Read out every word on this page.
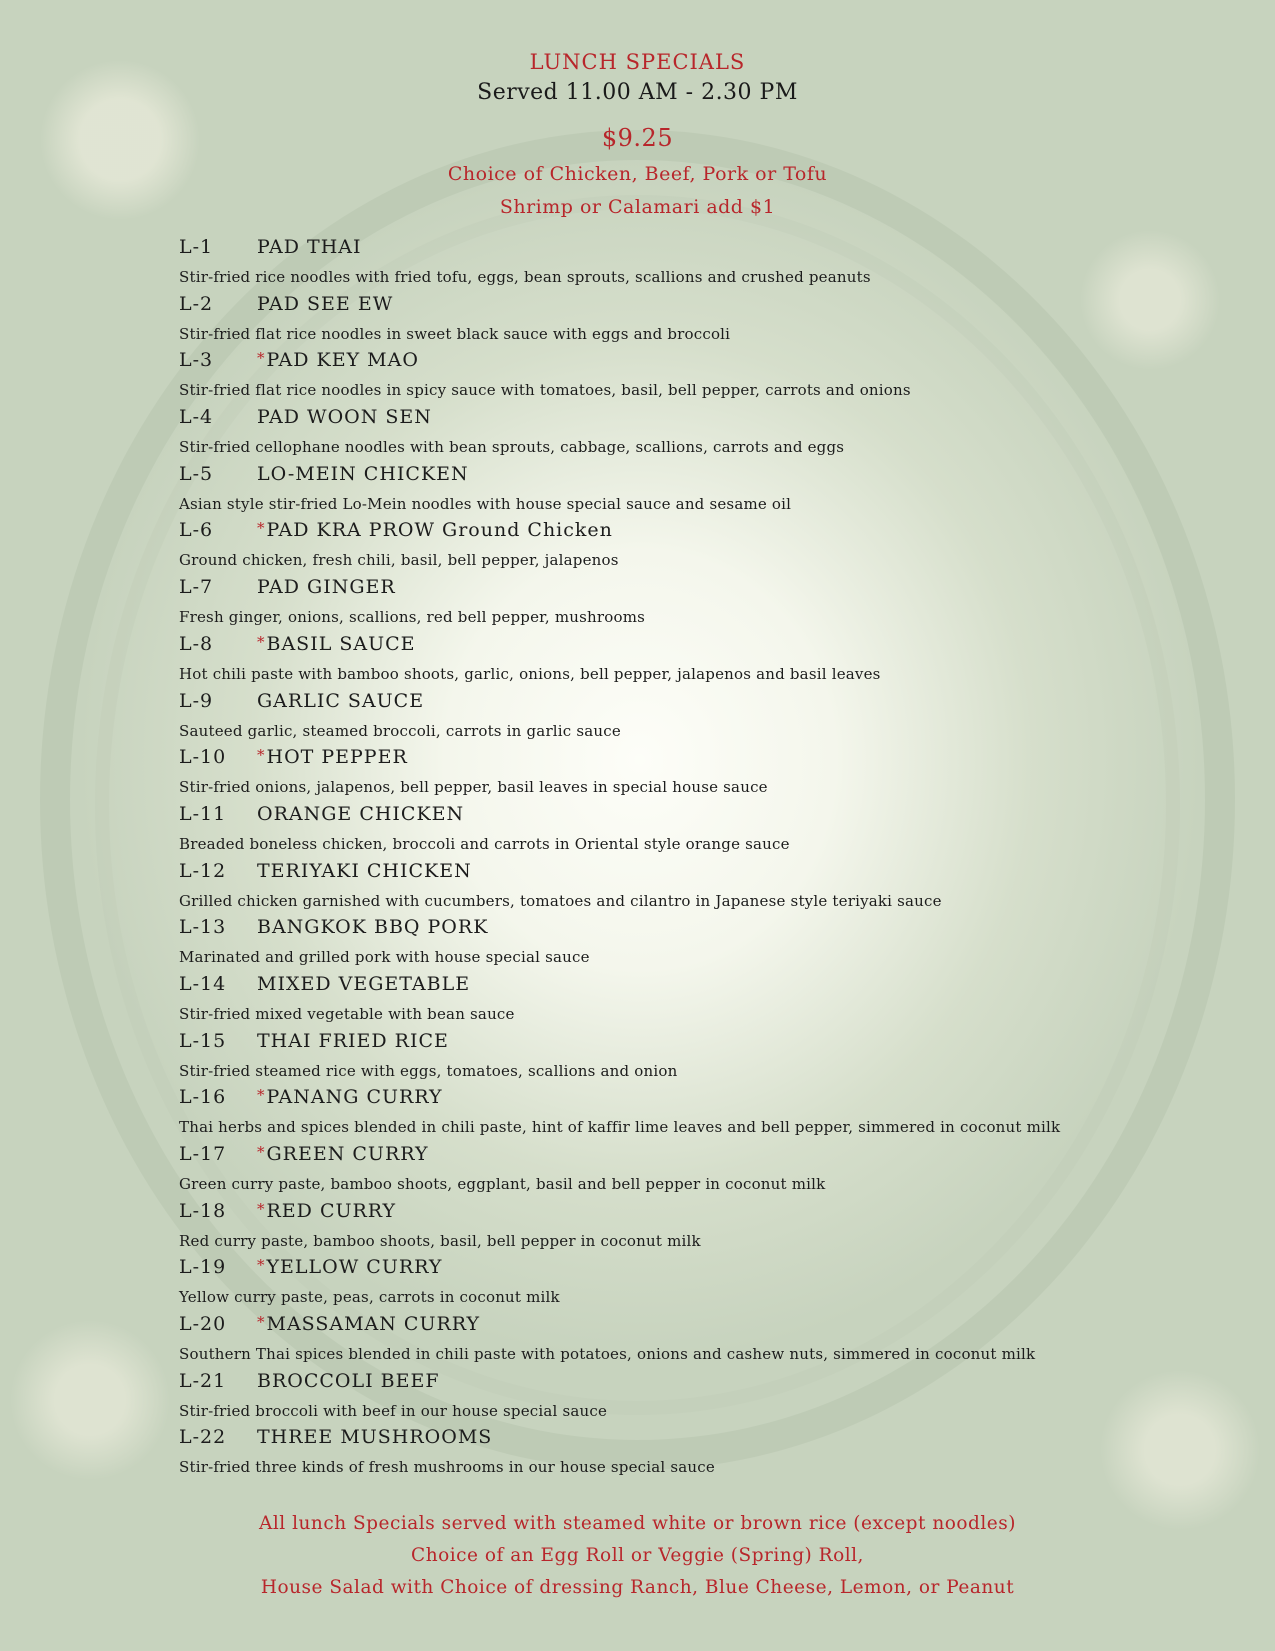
LUNCH SPECIALS
Served 11.00 AM - 2.30 PM
$9.25
Choice of Chicken, Beef, Pork or Tofu
Shrimp or Calamari add $1
L-1 PAD THAI
Stir-fried rice noodles with fried tofu, eggs, bean sprouts, scallions and crushed peanuts
L-2 PAD SEE EW
Stir-fried flat rice noodles in sweet black sauce with eggs and broccoli
L-3	*PAD KEY MAO
Stir-fried flat rice noodles in spicy sauce with tomatoes, basil, bell pepper, carrots and onions
L-4 PAD WOON SEN
Stir-fried cellophane noodles with bean sprouts, cabbage, scallions, carrots and eggs
L-5 LO-MEIN CHICKEN
Asian style stir-fried Lo-Mein noodles with house special sauce and sesame oil
L-6	*PAD KRA PROW Ground Chicken
Ground chicken, fresh chili, basil, bell pepper, jalapenos
L-7 PAD GINGER
Fresh ginger, onions, scallions, red bell pepper, mushrooms
L-8	*BASIL SAUCE
Hot chili paste with bamboo shoots, garlic, onions, bell pepper, jalapenos and basil leaves
L-9 GARLIC SAUCE
Sauteed garlic, steamed broccoli, carrots in garlic sauce
L-10 *HOT PEPPER
Stir-fried onions, jalapenos, bell pepper, basil leaves in special house sauce
L-11 ORANGE CHICKEN
Breaded boneless chicken, broccoli and carrots in Oriental style orange sauce
L-12 TERIYAKI CHICKEN
Grilled chicken garnished with cucumbers, tomatoes and cilantro in Japanese style teriyaki sauce
L-13 BANGKOK BBQ PORK
Marinated and grilled pork with house special sauce
L-14 MIXED VEGETABLE
Stir-fried mixed vegetable with bean sauce
L-15 THAI FRIED RICE
Stir-fried steamed rice with eggs, tomatoes, scallions and onion
L-16 *PANANG CURRY
Thai herbs and spices blended in chili paste, hint of kaffir lime leaves and bell pepper, simmered in coconut milk
L-17 *GREEN CURRY
Green curry paste, bamboo shoots, eggplant, basil and bell pepper in coconut milk
L-18 *RED CURRY
Red curry paste, bamboo shoots, basil, bell pepper in coconut milk
L-19 *YELLOW CURRY
Yellow curry paste, peas, carrots in coconut milk
L-20 *MASSAMAN CURRY
Southern Thai spices blended in chili paste with potatoes, onions and cashew nuts, simmered in coconut milk
L-21 BROCCOLI BEEF
Stir-fried broccoli with beef in our house special sauce
L-22 THREE MUSHROOMS
Stir-fried three kinds of fresh mushrooms in our house special sauce
All lunch Specials served with steamed white or brown rice (except noodles)
Choice of an Egg Roll or Veggie (Spring) Roll,
House Salad with Choice of dressing Ranch, Blue Cheese, Lemon, or Peanut
